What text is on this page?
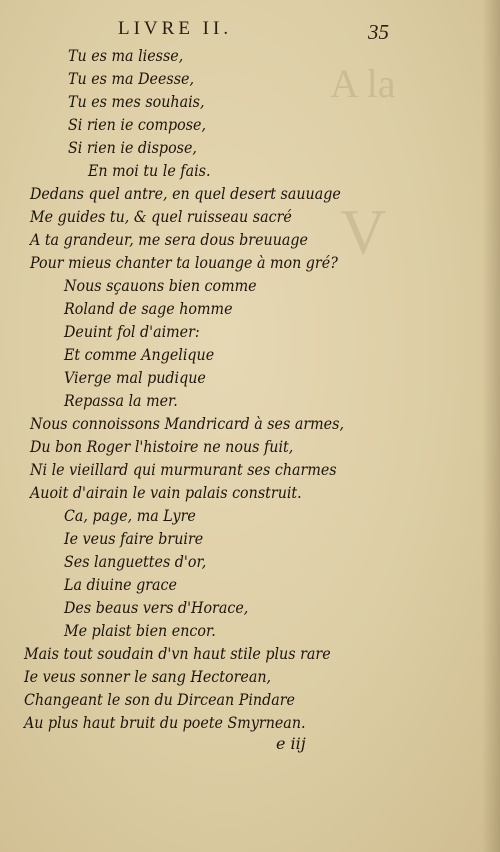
A la
V
LIVRE II.	35
Tu es ma liesse,
Tu es ma Deesse,
Tu es mes souhais,
Si rien ie compose,
Si rien ie dispose,
En moi tu le fais.
Dedans quel antre, en quel desert sauuage
Me guides tu, & quel ruisseau sacré
A ta grandeur, me sera dous breuuage
Pour mieus chanter ta louange à mon gré?
Nous sçauons bien comme
Roland de sage homme
Deuint fol d'aimer:
Et comme Angelique
Vierge mal pudique
Repassa la mer.
Nous connoissons Mandricard à ses armes,
Du bon Roger l'histoire ne nous fuit,
Ni le vieillard qui murmurant ses charmes
Auoit d'airain le vain palais construit.
Ca, page, ma Lyre
Ie veus faire bruire
Ses languettes d'or,
La diuine grace
Des beaus vers d'Horace,
Me plaist bien encor.
Mais tout soudain d'vn haut stile plus rare
Ie veus sonner le sang Hectorean,
Changeant le son du Dircean Pindare
Au plus haut bruit du poete Smyrnean.
e iij
